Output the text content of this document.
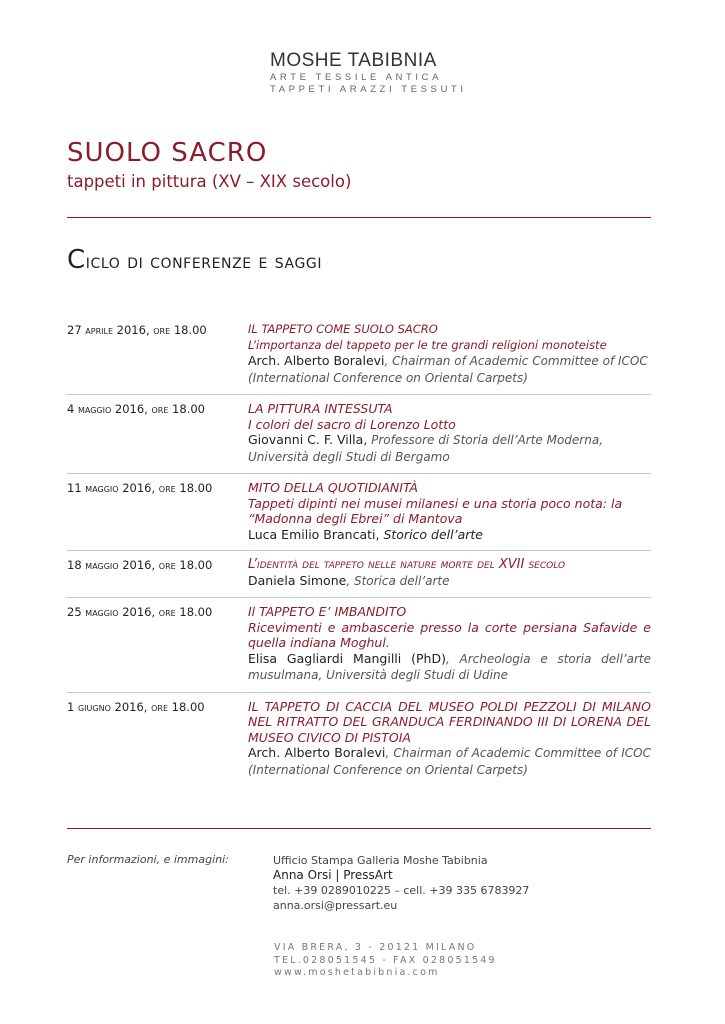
MOSHE TABIBNIA
ARTE TESSILE ANTICA
TAPPETI ARAZZI TESSUTI
SUOLO SACRO
tappeti in pittura (XV – XIX secolo)
Ciclo di conferenze e saggi
27 aprile 2016, ore 18.00	IL TAPPETO COME SUOLO SACRO
L’importanza del tappeto per le tre grandi religioni monoteiste
Arch. Alberto Boralevi, Chairman of Academic Committee of ICOC (International Conference on Oriental Carpets)
4 maggio 2016, ore 18.00	LA PITTURA INTESSUTA
I colori del sacro di Lorenzo Lotto
Giovanni C. F. Villa, Professore di Storia dell’Arte Moderna, Università degli Studi di Bergamo
11 maggio 2016, ore 18.00	MITO DELLA QUOTIDIANITÀ
Tappeti dipinti nei musei milanesi e una storia poco nota: la “Madonna degli Ebrei” di Mantova
Luca Emilio Brancati, Storico dell’arte
18 maggio 2016, ore 18.00	L’identità del tappeto nelle nature morte del XVII secolo
Daniela Simone, Storica dell’arte
25 maggio 2016, ore 18.00	Il TAPPETO E’ IMBANDITO
Ricevimenti e ambascerie presso la corte persiana Safavide e quella indiana Moghul.
Elisa Gagliardi Mangilli (PhD), Archeologia e storia dell’arte musulmana, Università degli Studi di Udine
1 giugno 2016, ore 18.00	IL TAPPETO DI CACCIA DEL MUSEO POLDI PEZZOLI DI MILANO NEL RITRATTO DEL GRANDUCA FERDINANDO III DI LORENA DEL MUSEO CIVICO DI PISTOIA
Arch. Alberto Boralevi, Chairman of Academic Committee of ICOC (International Conference on Oriental Carpets)
Per informazioni, e immagini:	Ufficio Stampa Galleria Moshe Tabibnia
Anna Orsi | PressArt
tel. +39 0289010225 – cell. +39 335 6783927
anna.orsi@pressart.eu
VIA BRERA, 3 - 20121 MILANO
TEL.028051545 - FAX 028051549
www.moshetabibnia.com
